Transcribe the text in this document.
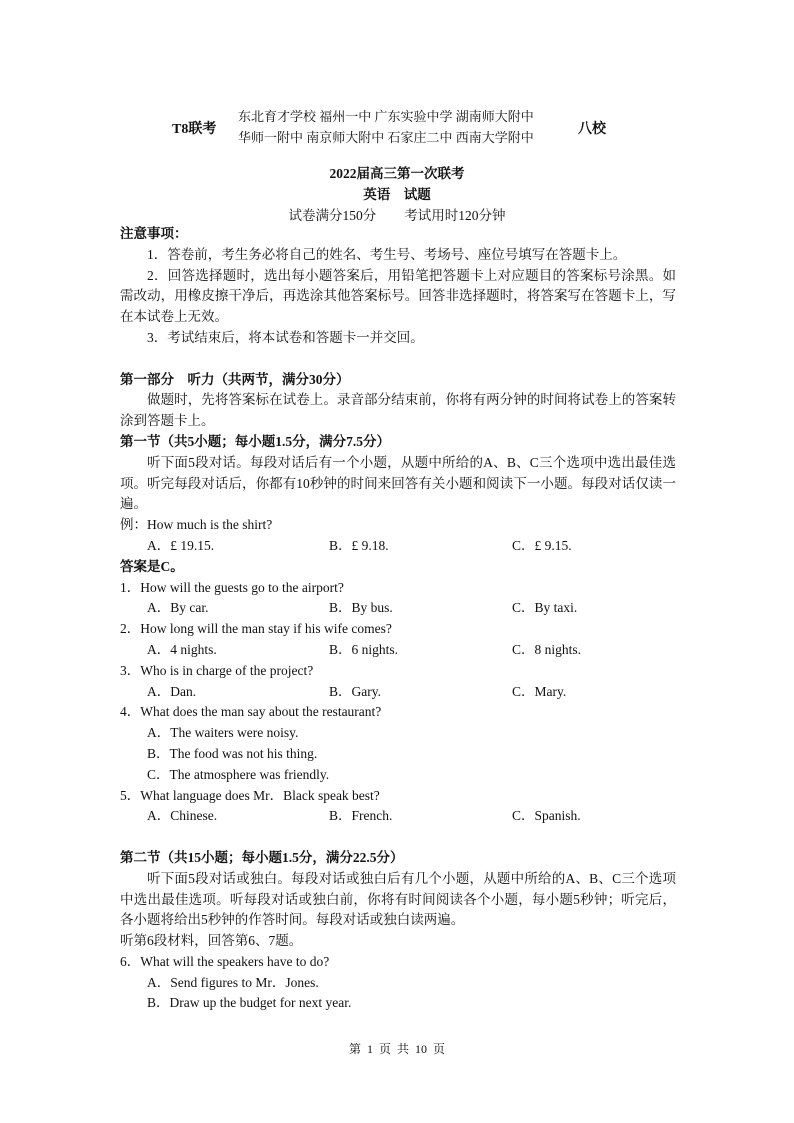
T8联考
东北育才学校 福州一中 广东实验中学 湖南师大附中
华师一附中 南京师大附中 石家庄二中 西南大学附中
八校
2022届高三第一次联考
英语　试题
试卷满分150分 考试用时120分钟

注意事项：

1．答卷前，考生务必将自己的姓名、考生号、考场号、座位号填写在答题卡上。

2．回答选择题时，选出每小题答案后，用铅笔把答题卡上对应题目的答案标号涂黑。如需改动，用橡皮擦干净后，再选涂其他答案标号。回答非选择题时，将答案写在答题卡上，写在本试卷上无效。

3．考试结束后，将本试卷和答题卡一并交回。

第一部分　听力（共两节，满分30分）

做题时，先将答案标在试卷上。录音部分结束前，你将有两分钟的时间将试卷上的答案转涂到答题卡上。

第一节（共5小题；每小题1.5分，满分7.5分）

听下面5段对话。每段对话后有一个小题，从题中所给的A、B、C三个选项中选出最佳选项。听完每段对话后，你都有10秒钟的时间来回答有关小题和阅读下一小题。每段对话仅读一遍。

例：How much is the shirt?

A．£ 19.15.	B．£ 9.18.	C．£ 9.15.

答案是C。

1．How will the guests go to the airport?

A．By car.	B．By bus.	C．By taxi.

2．How long will the man stay if his wife comes?

A．4 nights.	B．6 nights.	C．8 nights.

3．Who is in charge of the project?

A．Dan.	B．Gary.	C．Mary.

4．What does the man say about the restaurant?

A．The waiters were noisy.

B．The food was not his thing.

C．The atmosphere was friendly.

5．What language does Mr．Black speak best?

A．Chinese.	B．French.	C．Spanish.

第二节（共15小题；每小题1.5分，满分22.5分）

听下面5段对话或独白。每段对话或独白后有几个小题，从题中所给的A、B、C三个选项中选出最佳选项。听每段对话或独白前，你将有时间阅读各个小题，每小题5秒钟；听完后，各小题将给出5秒钟的作答时间。每段对话或独白读两遍。

听第6段材料，回答第6、7题。

6．What will the speakers have to do?

A．Send figures to Mr．Jones.

B．Draw up the budget for next year.

第 1 页 共 10 页
